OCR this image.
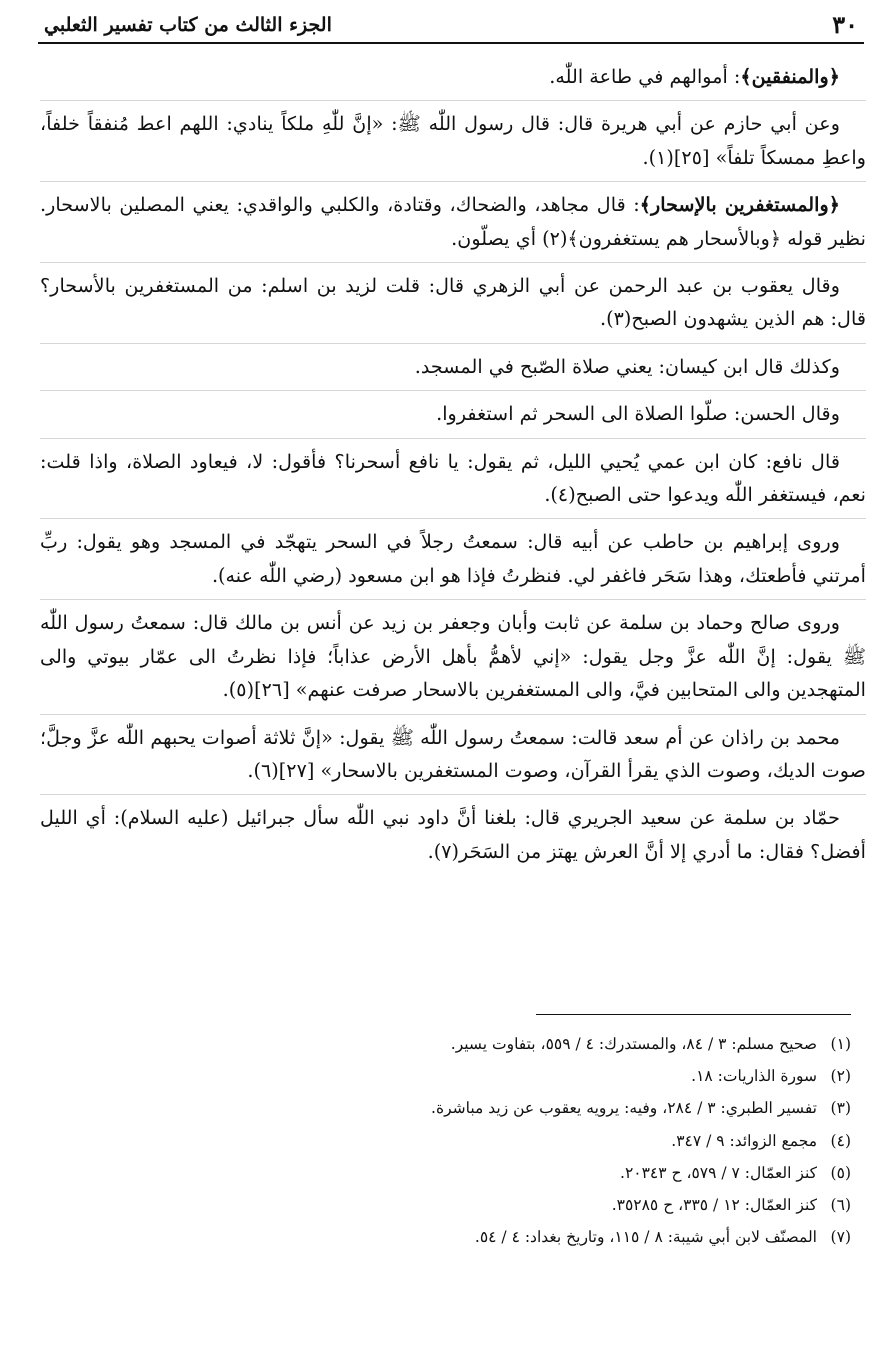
٣٠
الجزء الثالث من كتاب تفسير الثعلبي

﴿والمنفقين﴾: أموالهم في طاعة اللّٰه.

وعن أبي حازم عن أبي هريرة قال: قال رسول اللّٰه ﷺ: «إنَّ للّٰهِ ملكاً ينادي: اللهم اعط مُنفقاً خلفاً، واعطِ ممسكاً تلفاً» [٢٥](١).

﴿والمستغفرين بالإسحار﴾: قال مجاهد، والضحاك، وقتادة، والكلبي والواقدي: يعني المصلين بالاسحار. نظير قوله ﴿وبالأسحار هم يستغفرون﴾(٢) أي يصلّون.

وقال يعقوب بن عبد الرحمن عن أبي الزهري قال: قلت لزيد بن اسلم: من المستغفرين بالأسحار؟ قال: هم الذين يشهدون الصبح(٣).

وكذلك قال ابن كيسان: يعني صلاة الصّبح في المسجد.

وقال الحسن: صلّوا الصلاة الى السحر ثم استغفروا.

قال نافع: كان ابن عمي يُحيي الليل، ثم يقول: يا نافع أسحرنا؟ فأقول: لا، فيعاود الصلاة، واذا قلت: نعم، فيستغفر اللّٰه ويدعوا حتى الصبح(٤).

وروى إبراهيم بن حاطب عن أبيه قال: سمعتُ رجلاً في السحر يتهجّد في المسجد وهو يقول: ربِّ أمرتني فأطعتك، وهذا سَحَر فاغفر لي. فنظرتُ فإذا هو ابن مسعود (رضي اللّٰه عنه).

وروى صالح وحماد بن سلمة عن ثابت وأبان وجعفر بن زيد عن أنس بن مالك قال: سمعتُ رسول اللّٰه ﷺ يقول: إنَّ اللّٰه عزَّ وجل يقول: «إني لأهمُّ بأهل الأرض عذاباً؛ فإذا نظرتُ الى عمّار بيوتي والى المتهجدين والى المتحابين فيَّ، والى المستغفرين بالاسحار صرفت عنهم» [٢٦](٥).

محمد بن راذان عن أم سعد قالت: سمعتُ رسول اللّٰه ﷺ يقول: «إنَّ ثلاثة أصوات يحبهم اللّٰه عزَّ وجلَّ؛ صوت الديك، وصوت الذي يقرأ القرآن، وصوت المستغفرين بالاسحار» [٢٧](٦).

حمّاد بن سلمة عن سعيد الجريري قال: بلغنا أنَّ داود نبي اللّٰه سأل جبرائيل (عليه السلام): أي الليل أفضل؟ فقال: ما أدري إلا أنَّ العرش يهتز من السَحَر(٧).

(١)صحيح مسلم: ٣ / ٨٤، والمستدرك: ٤ / ٥٥٩، بتفاوت يسير.
(٢)سورة الذاريات: ١٨.
(٣)تفسير الطبري: ٣ / ٢٨٤، وفيه: يرويه يعقوب عن زيد مباشرة.
(٤)مجمع الزوائد: ٩ / ٣٤٧.
(٥)كنز العمّال: ٧ / ٥٧٩، ح ٢٠٣٤٣.
(٦)كنز العمّال: ١٢ / ٣٣٥، ح ٣٥٢٨٥.
(٧)المصنّف لابن أبي شيبة: ٨ / ١١٥، وتاريخ بغداد: ٤ / ٥٤.
